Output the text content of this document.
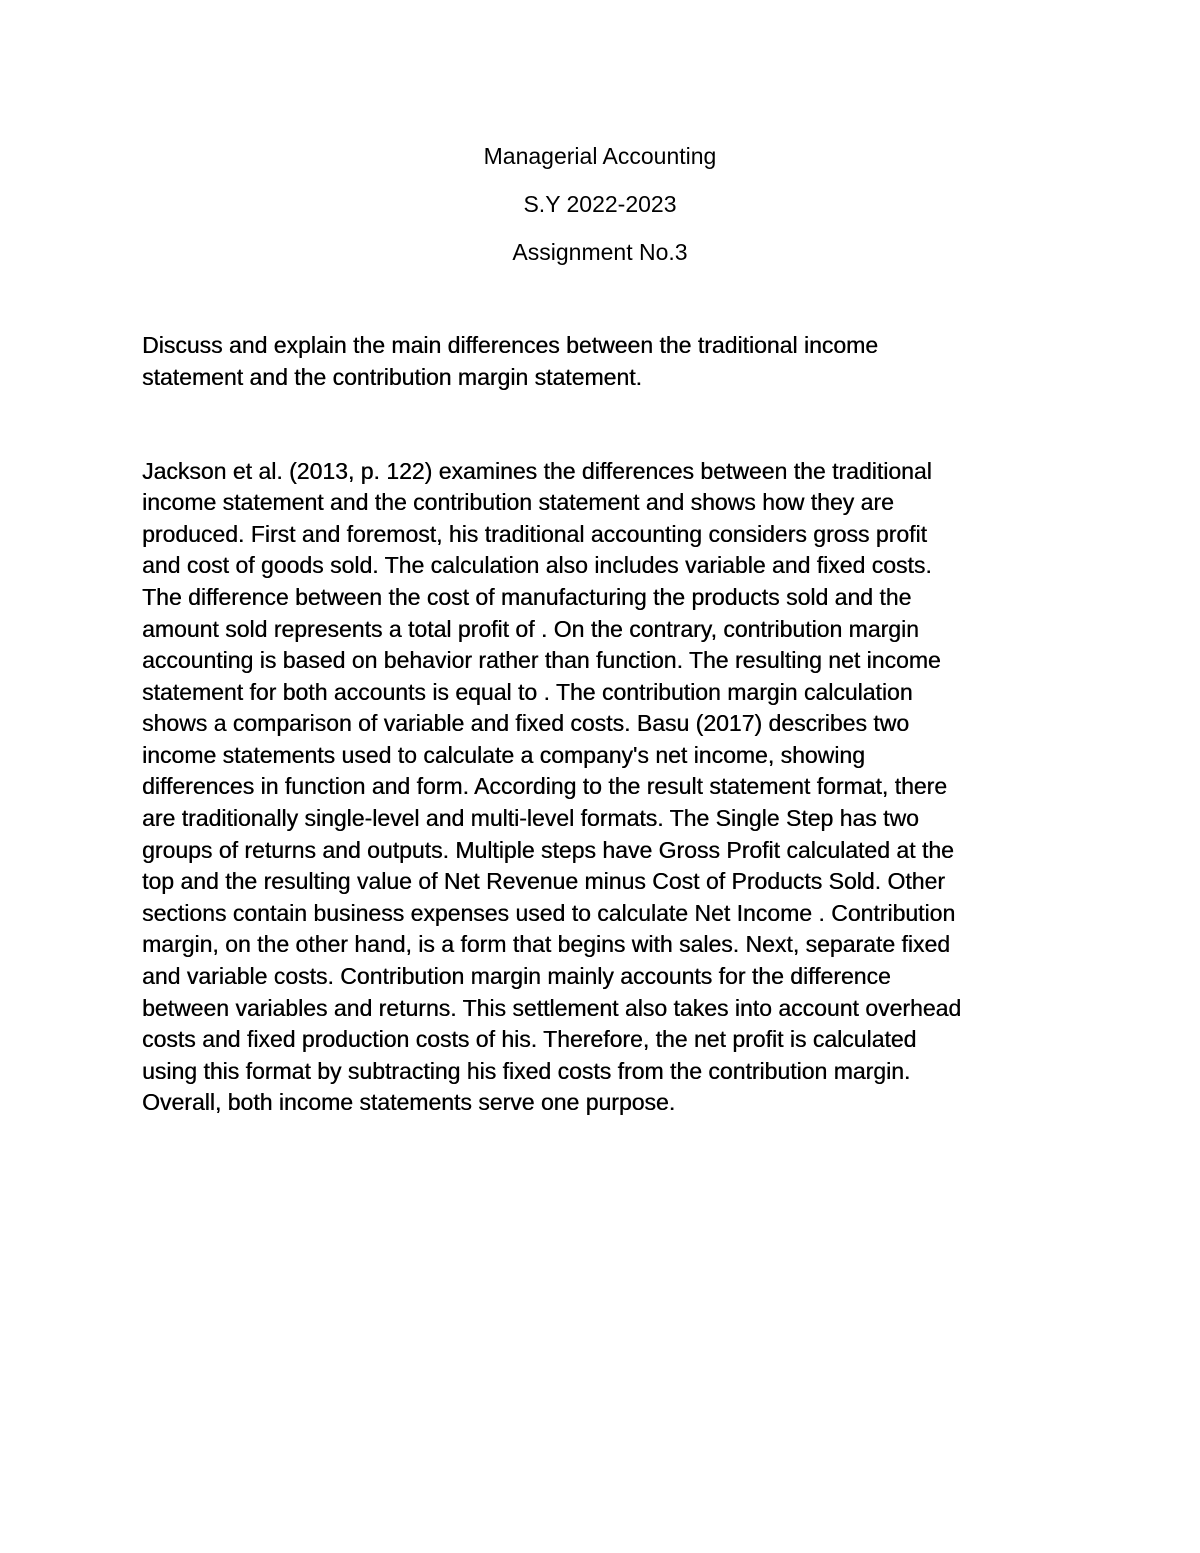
Managerial Accounting
S.Y 2022-2023
Assignment No.3
Discuss and explain the main differences between the traditional income
statement and the contribution margin statement.
Jackson et al. (2013, p. 122) examines the differences between the traditional
income statement and the contribution statement and shows how they are
produced. First and foremost, his traditional accounting considers gross profit
and cost of goods sold. The calculation also includes variable and fixed costs.
The difference between the cost of manufacturing the products sold and the
amount sold represents a total profit of . On the contrary, contribution margin
accounting is based on behavior rather than function. The resulting net income
statement for both accounts is equal to . The contribution margin calculation
shows a comparison of variable and fixed costs. Basu (2017) describes two
income statements used to calculate a company's net income, showing
differences in function and form. According to the result statement format, there
are traditionally single-level and multi-level formats. The Single Step has two
groups of returns and outputs. Multiple steps have Gross Profit calculated at the
top and the resulting value of Net Revenue minus Cost of Products Sold. Other
sections contain business expenses used to calculate Net Income . Contribution
margin, on the other hand, is a form that begins with sales. Next, separate fixed
and variable costs. Contribution margin mainly accounts for the difference
between variables and returns. This settlement also takes into account overhead
costs and fixed production costs of his. Therefore, the net profit is calculated
using this format by subtracting his fixed costs from the contribution margin.
Overall, both income statements serve one purpose.
